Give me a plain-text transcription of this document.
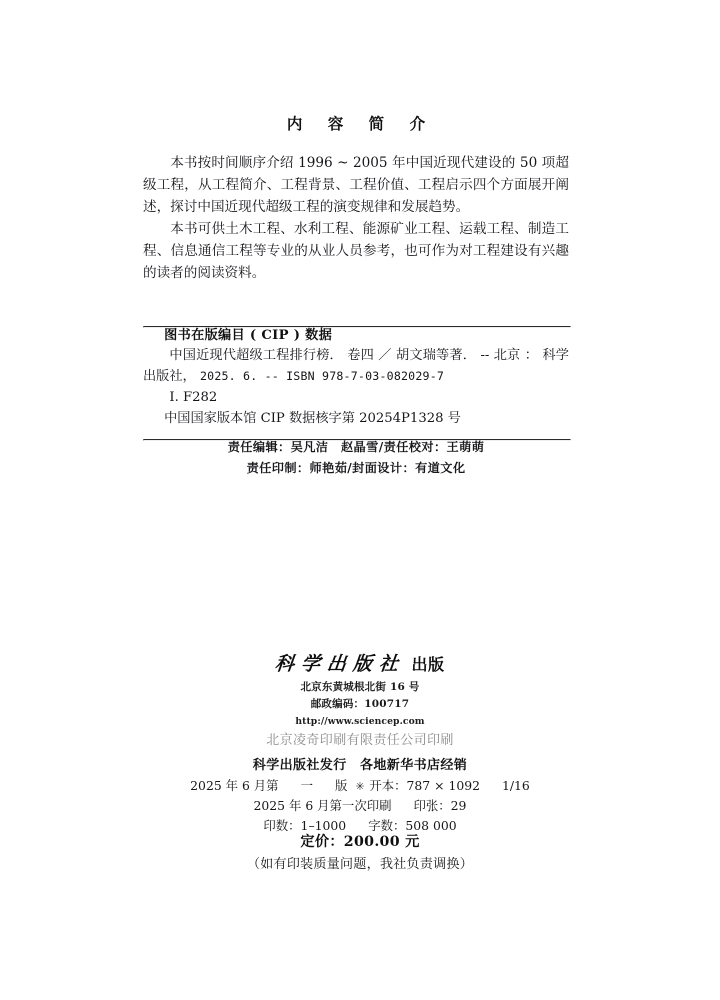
内 容 简 介

本书按时间顺序介绍 1996 ~ 2005 年中国近现代建设的 50 项超级工程，从工程简介、工程背景、工程价值、工程启示四个方面展开阐述，探讨中国近现代超级工程的演变规律和发展趋势。

本书可供土木工程、水利工程、能源矿业工程、运载工程、制造工程、信息通信工程等专业的从业人员参考，也可作为对工程建设有兴趣的读者的阅读资料。

图书在版编目 ( CIP ) 数据
中国近现代超级工程排行榜． 卷四 ／ 胡文瑞等著． -- 北京 ： 科学出版社， 2025. 6. -- ISBN 978-7-03-082029-7
Ⅰ. F282
中国国家版本馆 CIP 数据核字第 20254P1328 号
责任编辑：吴凡洁　赵晶雪/责任校对：王萌萌
责任印制：师艳茹/封面设计：有道文化
科学出版社 出版
北京东黄城根北街 16 号
邮政编码：100717
http://www.sciencep.com
北京凌奇印刷有限责任公司印刷
科学出版社发行　各地新华书店经销
✳
2025 年 6 月第 一 版 开本：787 × 1092 1/16
2025 年 6 月第一次印刷 印张：29
印数：1–1000 字数：508 000
定价：200.00 元
（如有印装质量问题，我社负责调换）
